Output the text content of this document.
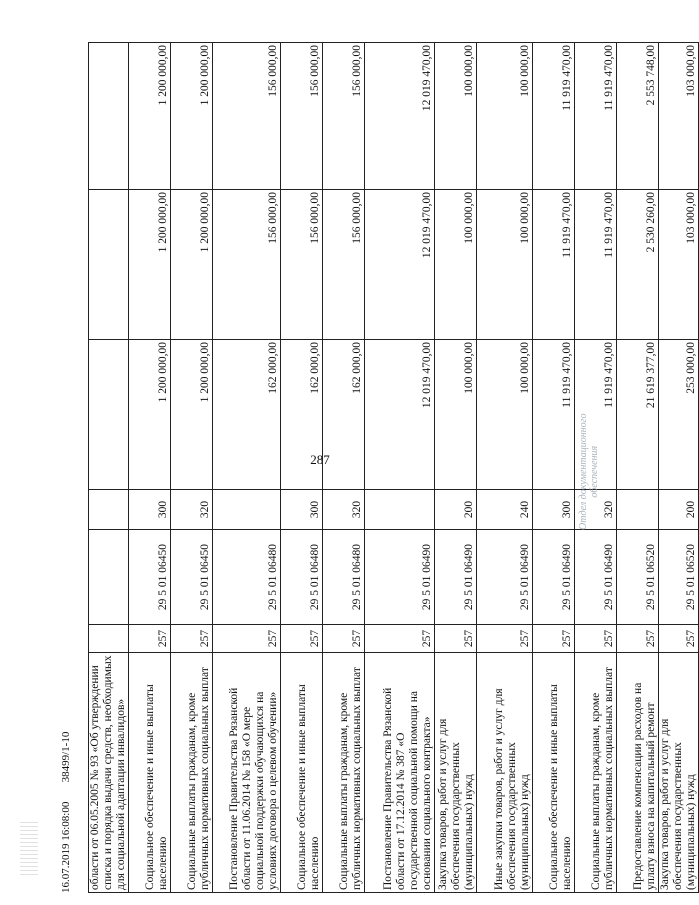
287
области от 06.05.2005 № 93 «Об утверждении списка и порядка выдачи средств, необходимых для социальной адаптации инвалидов»						
Социальное обеспечение и иные выплаты населению	257	29 5 01 06450	300	1 200 000,00	1 200 000,00	1 200 000,00
Социальные выплаты гражданам, кроме публичных нормативных социальных выплат	257	29 5 01 06450	320	1 200 000,00	1 200 000,00	1 200 000,00
Постановление Правительства Рязанской области от 11.06.2014 № 158 «О мере социальной поддержки обучающихся на условиях договора о целевом обучении»	257	29 5 01 06480		162 000,00	156 000,00	156 000,00
Социальное обеспечение и иные выплаты населению	257	29 5 01 06480	300	162 000,00	156 000,00	156 000,00
Социальные выплаты гражданам, кроме публичных нормативных социальных выплат	257	29 5 01 06480	320	162 000,00	156 000,00	156 000,00
Постановление Правительства Рязанской области от 17.12.2014 № 387 «О государственной социальной помощи на основании социального контракта»	257	29 5 01 06490		12 019 470,00	12 019 470,00	12 019 470,00
Закупка товаров, работ и услуг для обеспечения государственных (муниципальных) нужд	257	29 5 01 06490	200	100 000,00	100 000,00	100 000,00
Иные закупки товаров, работ и услуг для обеспечения государственных (муниципальных) нужд	257	29 5 01 06490	240	100 000,00	100 000,00	100 000,00
Социальное обеспечение и иные выплаты населению	257	29 5 01 06490	300	11 919 470,00	11 919 470,00	11 919 470,00
Социальные выплаты гражданам, кроме публичных нормативных социальных выплат	257	29 5 01 06490	320	11 919 470,00	11 919 470,00	11 919 470,00
Предоставление компенсации расходов на уплату взноса на капитальный ремонт	257	29 5 01 06520		21 619 377,00	2 530 260,00	2 553 748,00
Закупка товаров, работ и услуг для обеспечения государственных (муниципальных) нужд	257	29 5 01 06520	200	253 000,00	103 000,00	103 000,00
16.07.2019 16:08:00       38499/1-10
Отдел документационного обеспечения
